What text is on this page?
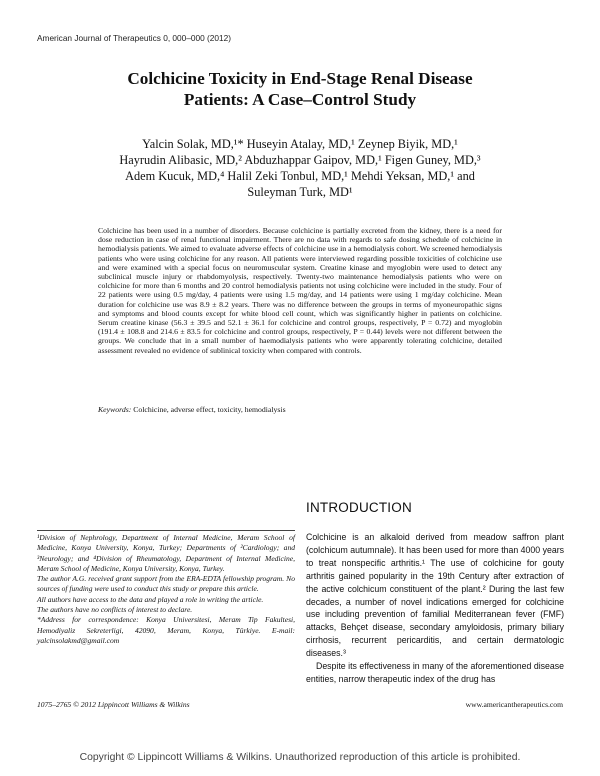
American Journal of Therapeutics 0, 000–000 (2012)
Colchicine Toxicity in End-Stage Renal Disease
Patients: A Case–Control Study
Yalcin Solak, MD,¹* Huseyin Atalay, MD,¹ Zeynep Biyik, MD,¹
Hayrudin Alibasic, MD,² Abduzhappar Gaipov, MD,¹ Figen Guney, MD,³
Adem Kucuk, MD,⁴ Halil Zeki Tonbul, MD,¹ Mehdi Yeksan, MD,¹ and
Suleyman Turk, MD¹
Colchicine has been used in a number of disorders. Because colchicine is partially excreted from the kidney, there is a need for dose reduction in case of renal functional impairment. There are no data with regards to safe dosing schedule of colchicine in hemodialysis patients. We aimed to evaluate adverse effects of colchicine use in a hemodialysis cohort. We screened hemodialysis patients who were using colchicine for any reason. All patients were interviewed regarding possible toxicities of colchicine use and were examined with a special focus on neuromuscular system. Creatine kinase and myoglobin were used to detect any subclinical muscle injury or rhabdomyolysis, respectively. Twenty-two maintenance hemodialysis patients who were on colchicine for more than 6 months and 20 control hemodialysis patients not using colchicine were included in the study. Four of 22 patients were using 0.5 mg/day, 4 patients were using 1.5 mg/day, and 14 patients were using 1 mg/day colchicine. Mean duration for colchicine use was 8.9 ± 8.2 years. There was no difference between the groups in terms of myoneuropathic signs and symptoms and blood counts except for white blood cell count, which was significantly higher in patients on colchicine. Serum creatine kinase (56.3 ± 39.5 and 52.1 ± 36.1 for colchicine and control groups, respectively, P = 0.72) and myoglobin (191.4 ± 108.8 and 214.6 ± 83.5 for colchicine and control groups, respectively, P = 0.44) levels were not different between the groups. We conclude that in a small number of haemodialysis patients who were apparently tolerating colchicine, detailed assessment revealed no evidence of sublinical toxicity when compared with controls.
Keywords: Colchicine, adverse effect, toxicity, hemodialysis

¹Division of Nephrology, Department of Internal Medicine, Meram School of Medicine, Konya University, Konya, Turkey; Departments of ²Cardiology; and ³Neurology; and ⁴Division of Rheumatology, Department of Internal Medicine, Meram School of Medicine, Konya University, Konya, Turkey.

The author A.G. received grant support from the ERA-EDTA fellowship program. No sources of funding were used to conduct this study or prepare this article.

All authors have access to the data and played a role in writing the article.

The authors have no conflicts of interest to declare.

*Address for correspondence: Konya Universitesi, Meram Tip Fakultesi, Hemodiyaliz Sekreterligi, 42090, Meram, Konya, Türkiye. E-mail: yalcinsolakmd@gmail.com

INTRODUCTION

Colchicine is an alkaloid derived from meadow saffron plant (colchicum autumnale). It has been used for more than 4000 years to treat nonspecific arthritis.¹ The use of colchicine for gouty arthritis gained popularity in the 19th Century after extraction of the active colchicum constituent of the plant.² During the last few decades, a number of novel indications emerged for colchicine use including prevention of familial Mediterranean fever (FMF) attacks, Behçet disease, secondary amyloidosis, primary biliary cirrhosis, recurrent pericarditis, and certain dermatologic diseases.³

Despite its effectiveness in many of the aforementioned disease entities, narrow therapeutic index of the drug has

1075–2765 © 2012 Lippincott Williams & Wilkins	www.americantherapeutics.com
Copyright © Lippincott Williams & Wilkins. Unauthorized reproduction of this article is prohibited.
